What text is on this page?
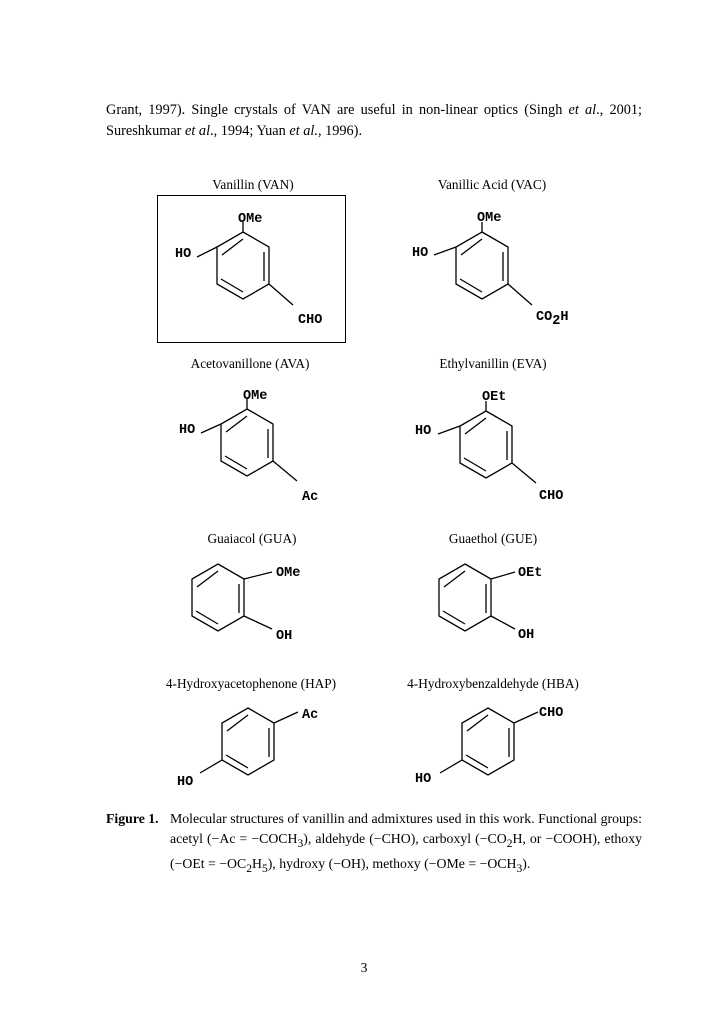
Grant, 1997). Single crystals of VAN are useful in non-linear optics (Singh et al., 2001; Sureshkumar et al., 1994; Yuan et al., 1996).
Vanillin (VAN)	Vanillic Acid (VAC)
Acetovanillone (AVA)	Ethylvanillin (EVA)
Guaiacol (GUA)	Guaethol (GUE)
4-Hydroxyacetophenone (HAP)	4-Hydroxybenzaldehyde (HBA)
OMe
HO
CHO
OMe
HO
CO2H
OMe
HO
Ac
OEt
HO
CHO
OMe
OH
OEt
OH
Ac
HO
CHO
HO
Figure 1. Molecular structures of vanillin and admixtures used in this work. Functional groups: acetyl $(-Ac = -COCH_3)$, aldehyde (−CHO), carboxyl ($-CO_2H$, or −COOH), ethoxy $(-OEt = -OC_2H_5)$, hydroxy (−OH), methoxy $(-OMe = -OCH_3)$.
3
